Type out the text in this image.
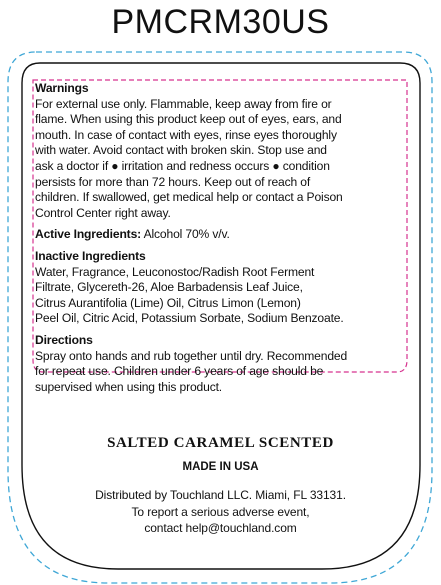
PMCRM30US
Warnings
For external use only. Flammable, keep away from fire or
flame. When using this product keep out of eyes, ears, and
mouth. In case of contact with eyes, rinse eyes thoroughly
with water. Avoid contact with broken skin. Stop use and
ask a doctor if ● irritation and redness occurs ● condition
persists for more than 72 hours. Keep out of reach of
children. If swallowed, get medical help or contact a Poison
Control Center right away.
Active Ingredients: Alcohol 70% v/v.
Inactive Ingredients
Water, Fragrance, Leuconostoc/Radish Root Ferment
Filtrate, Glycereth-26, Aloe Barbadensis Leaf Juice,
Citrus Aurantifolia (Lime) Oil, Citrus Limon (Lemon)
Peel Oil, Citric Acid, Potassium Sorbate, Sodium Benzoate.
Directions
Spray onto hands and rub together until dry. Recommended
for repeat use. Children under 6 years of age should be
supervised when using this product.
SALTED CARAMEL SCENTED
MADE IN USA
Distributed by Touchland LLC. Miami, FL 33131.
To report a serious adverse event,
contact help@touchland.com
